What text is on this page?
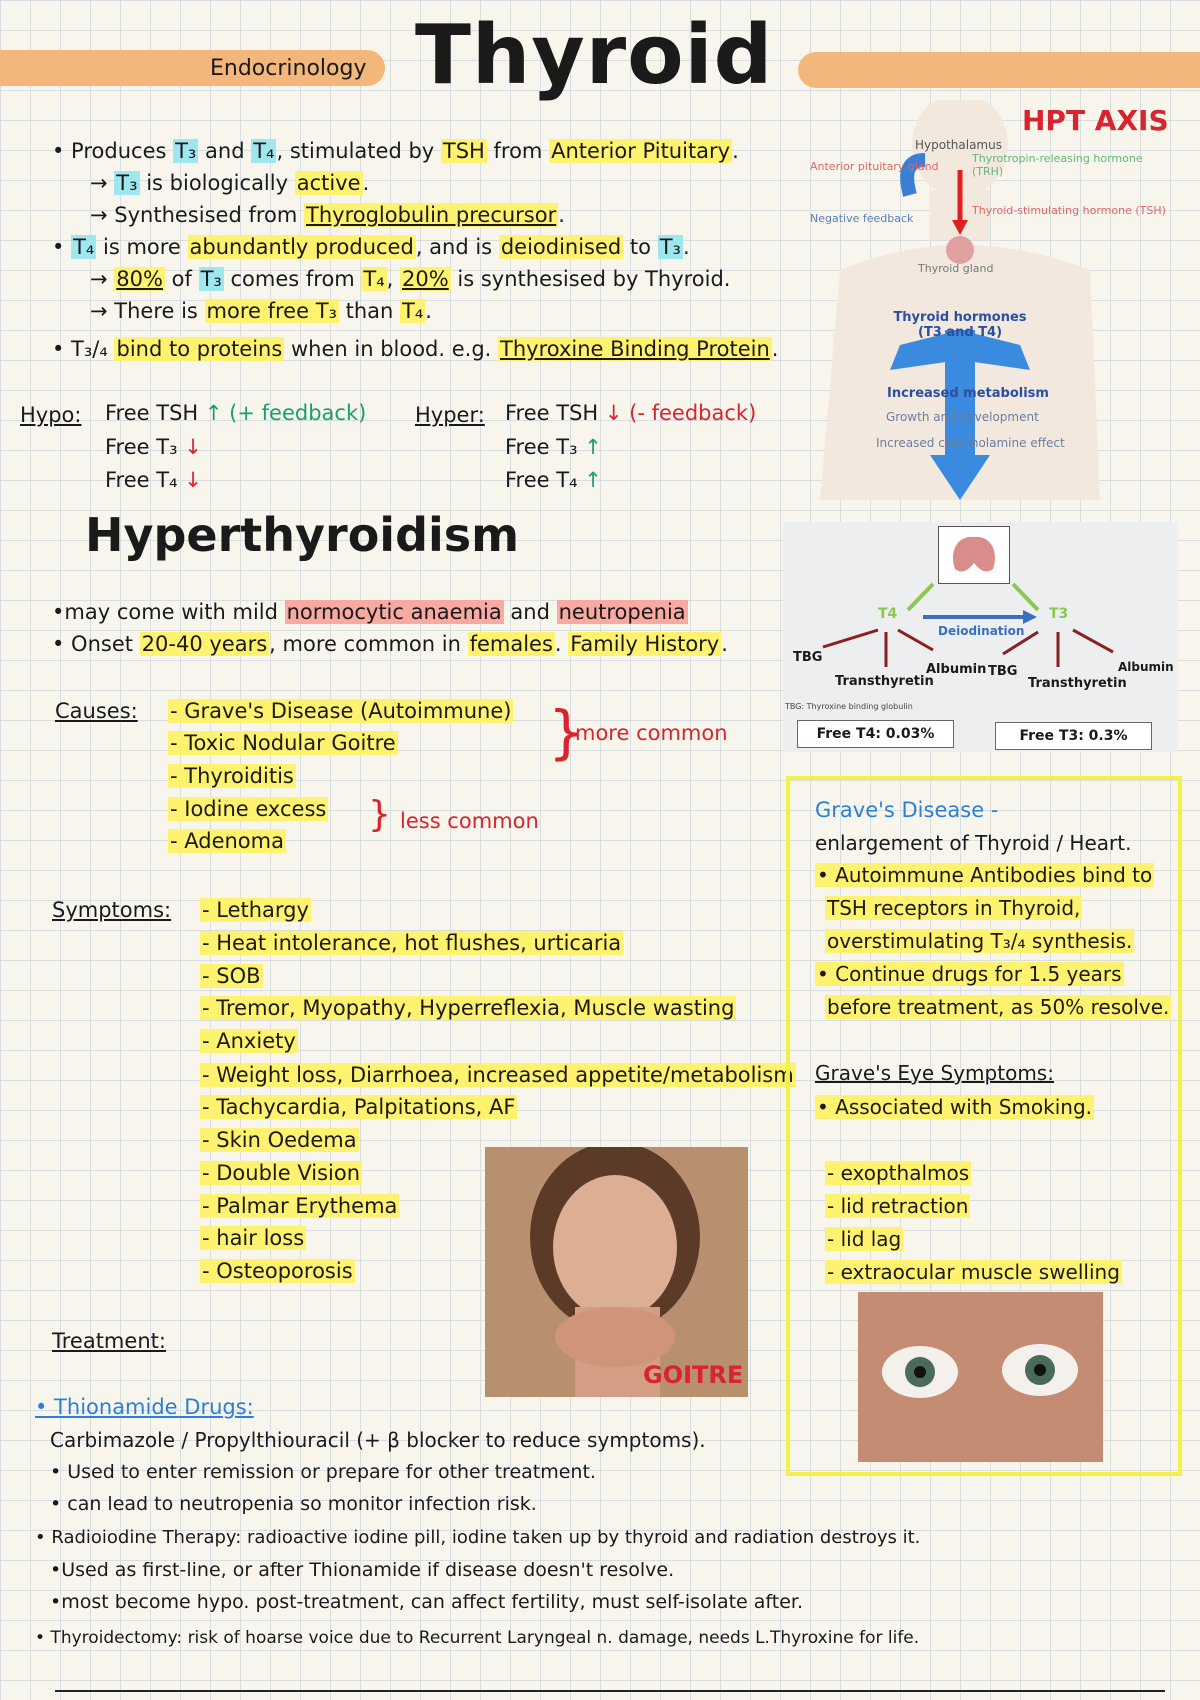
Endocrinology Thyroid
• Produces T₃ and T₄, stimulated by TSH from Anterior Pituitary.
→ T₃ is biologically active.
→ Synthesised from Thyroglobulin precursor.
• T₄ is more abundantly produced, and is deiodinised to T₃.
→ 80% of T₃ comes from T₄, 20% is synthesised by Thyroid.
→ There is more free T₃ than T₄.
• T₃/₄ bind to proteins when in blood. e.g. Thyroxine Binding Protein.
Hypo: Free TSH ↑ (+ feedback)
Free T₃ ↓
Free T₄ ↓
Hyper: Free TSH ↓ (- feedback)
Free T₃ ↑
Free T₄ ↑
HPT AXIS
Hypothalamus
Anterior pituitary gland
Thyrotropin-releasing hormone (TRH)
Negative feedback
Thyroid-stimulating hormone (TSH)
Thyroid gland
Thyroid hormones (T3 and T4)
Increased metabolism
Growth and development
Increased catecholamine effect
T4	T3
Deiodination
TBG
Transthyretin
Albumin TBG
Transthyretin
Albumin
TBG: Thyroxine binding globulin
Free T4: 0.03%	Free T3: 0.3%
Hyperthyroidism
•may come with mild normocytic anaemia and neutropenia
• Onset 20-40 years, more common in females. Family History.
Causes: - Grave's Disease (Autoimmune)
- Toxic Nodular Goitre
- Thyroiditis
- Iodine excess
- Adenoma
}
more common
} less common
Symptoms: - Lethargy
- Heat intolerance, hot flushes, urticaria
- SOB
- Tremor, Myopathy, Hyperreflexia, Muscle wasting
- Anxiety
- Weight loss, Diarrhoea, increased appetite/metabolism
- Tachycardia, Palpitations, AF
- Skin Oedema
- Double Vision
- Palmar Erythema
- hair loss
- Osteoporosis
GOITRE
Grave's Disease -
enlargement of Thyroid / Heart.
• Autoimmune Antibodies bind to
TSH receptors in Thyroid,
overstimulating T₃/₄ synthesis.
• Continue drugs for 1.5 years
before treatment, as 50% resolve.
Grave's Eye Symptoms:
• Associated with Smoking.
- exopthalmos
- lid retraction
- lid lag
- extraocular muscle swelling
Treatment:
• Thionamide Drugs:
Carbimazole / Propylthiouracil (+ β blocker to reduce symptoms).
• Used to enter remission or prepare for other treatment.
• can lead to neutropenia so monitor infection risk.
• Radioiodine Therapy: radioactive iodine pill, iodine taken up by thyroid and radiation destroys it.
•Used as first-line, or after Thionamide if disease doesn't resolve.
•most become hypo. post-treatment, can affect fertility, must self-isolate after.
• Thyroidectomy: risk of hoarse voice due to Recurrent Laryngeal n. damage, needs L.Thyroxine for life.
